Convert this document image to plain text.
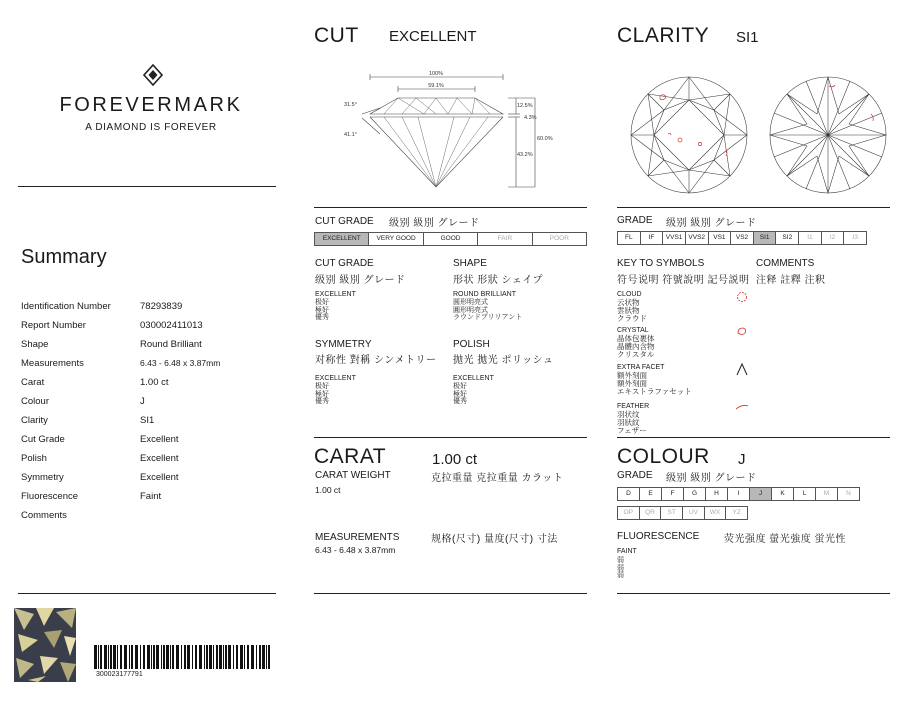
FOREVERMARK
A DIAMOND IS FOREVER
Summary
Identification Number	78293839
Report Number	030002411013
Shape	Round Brilliant
Measurements	6.43 - 6.48 x 3.87mm
Carat	1.00 ct
Colour	J
Clarity	SI1
Cut Grade	Excellent
Polish	Excellent
Symmetry	Excellent
Fluorescence	Faint
Comments
300023177791
CUT EXCELLENT
100%
59.1%
31.5°
41.1°
12.5%
4.3%
60.0%
43.2%
CUT GRADE 级别 級別 グレード
EXCELLENT	VERY GOOD	GOOD	FAIR	POOR
CUT GRADE
级别 級別 グレード
EXCELLENT
极好
極好
優秀
SHAPE
形状 形狀 シェイプ
ROUND BRILLIANT
圆形明亮式
圓形明亮式
ラウンドブリリアント
SYMMETRY
对称性 對稱 シンメトリー
EXCELLENT
极好
極好
優秀
POLISH
抛光 拋光 ポリッシュ
EXCELLENT
极好
極好
優秀
CARAT	1.00 ct
CARAT WEIGHT	克拉重量 克拉重量 カラット
1.00 ct
MEASUREMENTS	规格(尺寸) 量度(尺寸) 寸法
6.43 - 6.48 x 3.87mm
CLARITY SI1
GRADE 级别 級別 グレード
FL	IF	VVS1 VVS2	VS1	VS2	SI1	SI2	I1	I2	I3
KEY TO SYMBOLS
符号说明 符號說明 記号説明
COMMENTS
注释 註釋 注釈
CLOUD
云状物
雲狀物
クラウド
CRYSTAL
晶体包裹体
晶體內含物
クリスタル
EXTRA FACET
额外刻面
額外刻面
エキストラファセット
FEATHER
羽状纹
羽狀紋
フェザー
COLOUR J
GRADE 级别 級別 グレード
D	E	F	G	H	I	J	K	L	M	N
OP	QR	ST	UV	WX	YZ
FLUORESCENCE 荧光强度 螢光強度 蛍光性
FAINT
弱
弱
弱
